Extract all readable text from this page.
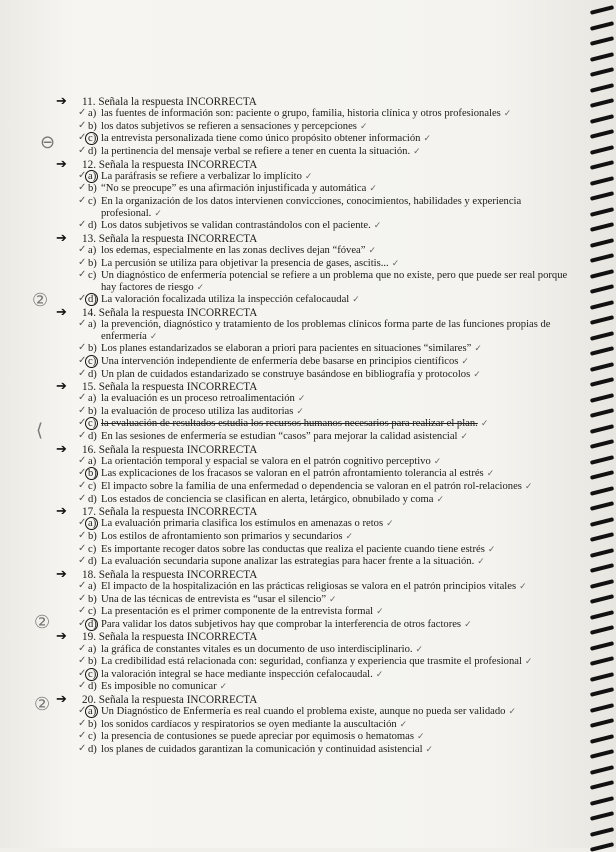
⊖
②
⟨
②
②
➔ 11. Señala la respuesta INCORRECTA
✓ a) las fuentes de información son: paciente o grupo, familia, historia clínica y otros profesionales ✓
✓ b) los datos subjetivos se refieren a sensaciones y percepciones ✓
✓ c) la entrevista personalizada tiene como único propósito obtener información ✓
✓ d) la pertinencia del mensaje verbal se refiere a tener en cuenta la situación. ✓
➔ 12. Señala la respuesta INCORRECTA
✓ a) La paráfrasis se refiere a verbalizar lo implícito ✓
✓ b) “No se preocupe” es una afirmación injustificada y automática ✓
✓ c) En la organización de los datos intervienen convicciones, conocimientos, habilidades y experiencia profesional. ✓
✓ d) Los datos subjetivos se validan contrastándolos con el paciente. ✓
➔ 13. Señala la respuesta INCORRECTA
✓ a) los edemas, especialmente en las zonas declives dejan “fóvea” ✓
✓ b) La percusión se utiliza para objetivar la presencia de gases, ascitis... ✓
✓ c) Un diagnóstico de enfermería potencial se refiere a un problema que no existe, pero que puede ser real porque hay factores de riesgo ✓
✓ d) La valoración focalizada utiliza la inspección cefalocaudal ✓
➔ 14. Señala la respuesta INCORRECTA
✓ a) la prevención, diagnóstico y tratamiento de los problemas clínicos forma parte de las funciones propias de enfermería ✓
✓ b) Los planes estandarizados se elaboran a priori para pacientes en situaciones “similares” ✓
✓ c) Una intervención independiente de enfermería debe basarse en principios científicos ✓
✓ d) Un plan de cuidados estandarizado se construye basándose en bibliografía y protocolos ✓
➔ 15. Señala la respuesta INCORRECTA
✓ a) la evaluación es un proceso retroalimentación ✓
✓ b) la evaluación de proceso utiliza las auditorias ✓
✓ c) la evaluación de resultados estudia los recursos humanos necesarios para realizar el plan. ✓
✓ d) En las sesiones de enfermería se estudian “casos” para mejorar la calidad asistencial ✓
➔ 16. Señala la respuesta INCORRECTA
✓ a) La orientación temporal y espacial se valora en el patrón cognitivo perceptivo ✓
✓ b) Las explicaciones de los fracasos se valoran en el patrón afrontamiento tolerancia al estrés ✓
✓ c) El impacto sobre la familia de una enfermedad o dependencia se valoran en el patrón rol-relaciones ✓
✓ d) Los estados de conciencia se clasifican en alerta, letárgico, obnubilado y coma ✓
➔ 17. Señala la respuesta INCORRECTA
✓ a) La evaluación primaria clasifica los estímulos en amenazas o retos ✓
✓ b) Los estilos de afrontamiento son primarios y secundarios ✓
✓ c) Es importante recoger datos sobre las conductas que realiza el paciente cuando tiene estrés ✓
✓ d) La evaluación secundaria supone analizar las estrategias para hacer frente a la situación. ✓
➔ 18. Señala la respuesta INCORRECTA
✓ a) El impacto de la hospitalización en las prácticas religiosas se valora en el patrón principios vitales ✓
✓ b) Una de las técnicas de entrevista es “usar el silencio” ✓
✓ c) La presentación es el primer componente de la entrevista formal ✓
✓ d) Para validar los datos subjetivos hay que comprobar la interferencia de otros factores ✓
➔ 19. Señala la respuesta INCORRECTA
✓ a) la gráfica de constantes vitales es un documento de uso interdisciplinario. ✓
✓ b) La credibilidad está relacionada con: seguridad, confianza y experiencia que trasmite el profesional ✓
✓ c) la valoración integral se hace mediante inspección cefalocaudal. ✓
✓ d) Es imposible no comunicar ✓
➔ 20. Señala la respuesta INCORRECTA
✓ a) Un Diagnóstico de Enfermería es real cuando el problema existe, aunque no pueda ser validado ✓
✓ b) los sonidos cardíacos y respiratorios se oyen mediante la auscultación ✓
✓ c) la presencia de contusiones se puede apreciar por equimosis o hematomas ✓
✓ d) los planes de cuidados garantizan la comunicación y continuidad asistencial ✓
